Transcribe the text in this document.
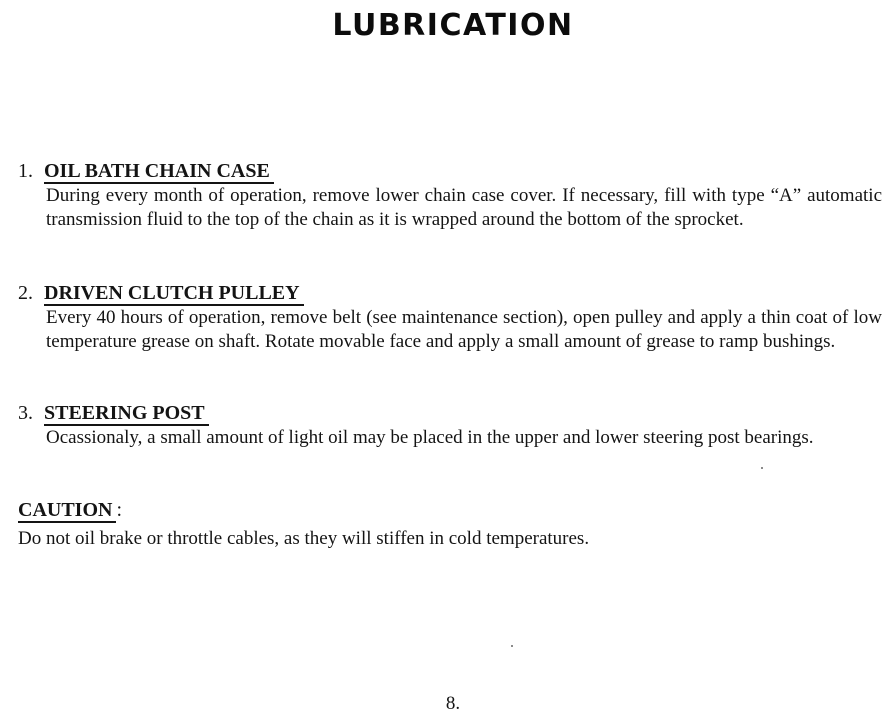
LUBRICATION
1. OIL BATH CHAIN CASE
During every month of operation, remove lower chain case cover. If necessary, fill with type “A” automatic transmission fluid to the top of the chain as it is wrapped around the bottom of the sprocket.
2. DRIVEN CLUTCH PULLEY
Every 40 hours of operation, remove belt (see maintenance section), open pulley and apply a thin coat of low temperature grease on shaft. Rotate movable face and apply a small amount of grease to ramp bushings.
3. STEERING POST
Ocassionaly, a small amount of light oil may be placed in the upper and lower steering post bearings.
CAUTION :
Do not oil brake or throttle cables, as they will stiffen in cold temperatures.
8.
